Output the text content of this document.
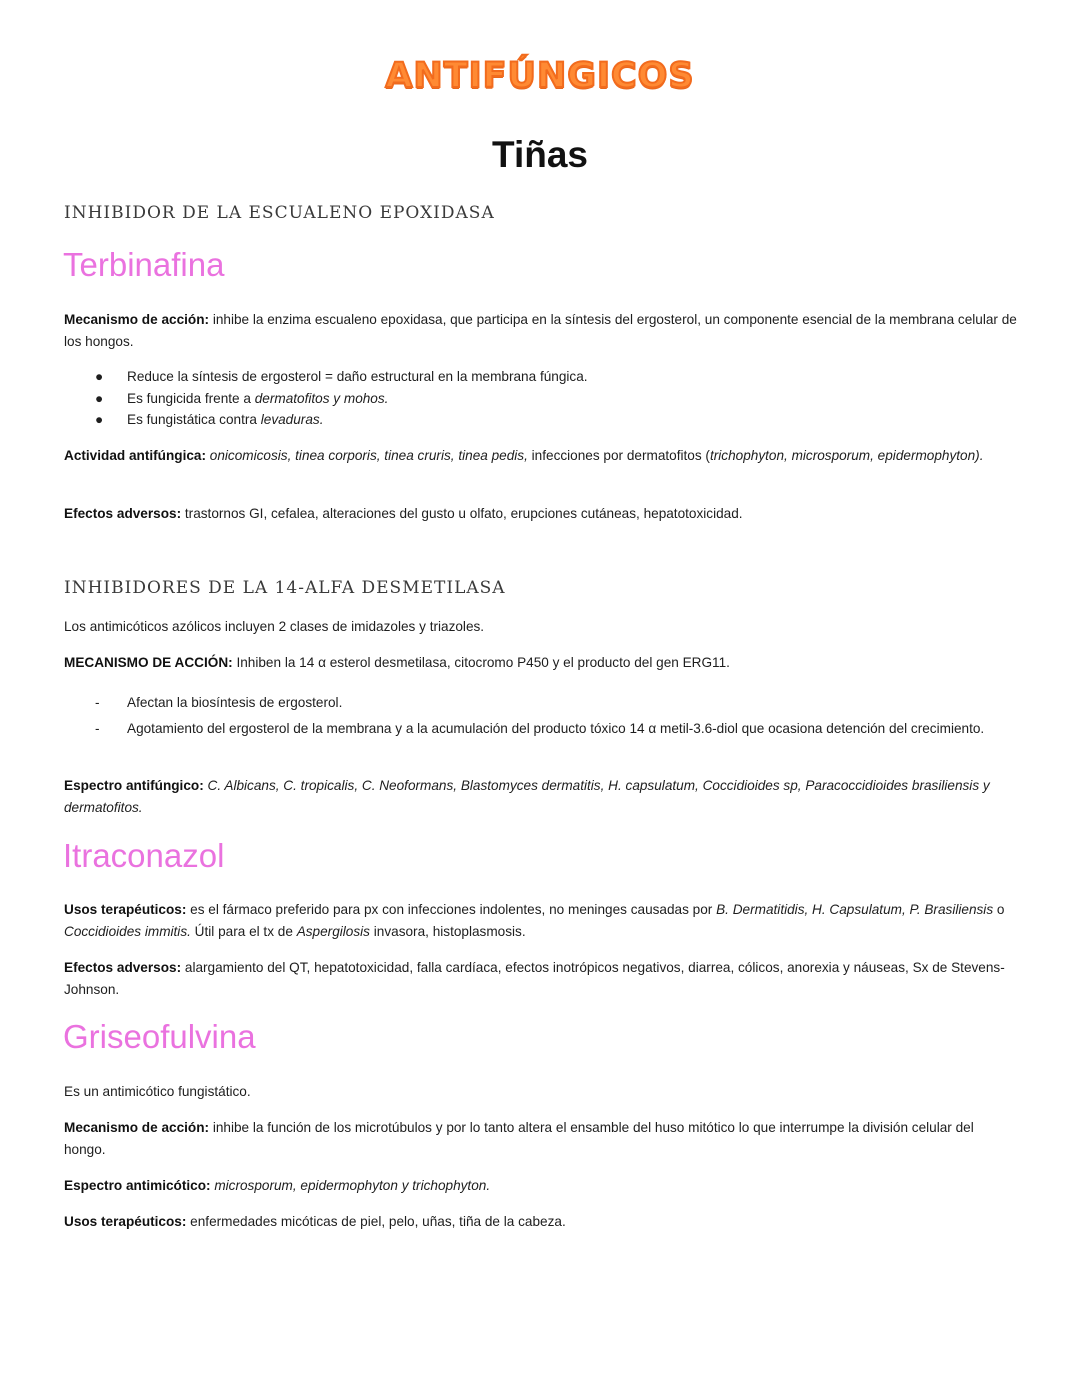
ANTIFÚNGICOS
Tiñas
INHIBIDOR DE LA ESCUALENO EPOXIDASA
Terbinafina

Mecanismo de acción: inhibe la enzima escualeno epoxidasa, que participa en la síntesis del ergosterol, un componente esencial de la membrana celular de los hongos.

● Reduce la síntesis de ergosterol = daño estructural en la membrana fúngica.
● Es fungicida frente a dermatofitos y mohos.
● Es fungistática contra levaduras.

Actividad antifúngica: onicomicosis, tinea corporis, tinea cruris, tinea pedis, infecciones por dermatofitos (trichophyton, microsporum, epidermophyton).

Efectos adversos: trastornos GI, cefalea, alteraciones del gusto u olfato, erupciones cutáneas, hepatotoxicidad.

INHIBIDORES DE LA 14-ALFA DESMETILASA

Los antimicóticos azólicos incluyen 2 clases de imidazoles y triazoles.

MECANISMO DE ACCIÓN: Inhiben la 14 α esterol desmetilasa, citocromo P450 y el producto del gen ERG11.

- Afectan la biosíntesis de ergosterol.
- Agotamiento del ergosterol de la membrana y a la acumulación del producto tóxico 14 α metil-3.6-diol que ocasiona detención del crecimiento.

Espectro antifúngico: C. Albicans, C. tropicalis, C. Neoformans, Blastomyces dermatitis, H. capsulatum, Coccidioides sp, Paracoccidioides brasiliensis y dermatofitos.

Itraconazol

Usos terapéuticos: es el fármaco preferido para px con infecciones indolentes, no meninges causadas por B. Dermatitidis, H. Capsulatum, P. Brasiliensis o Coccidioides immitis. Útil para el tx de Aspergilosis invasora, histoplasmosis.

Efectos adversos: alargamiento del QT, hepatotoxicidad, falla cardíaca, efectos inotrópicos negativos, diarrea, cólicos, anorexia y náuseas, Sx de Stevens-Johnson.

Griseofulvina

Es un antimicótico fungistático.

Mecanismo de acción: inhibe la función de los microtúbulos y por lo tanto altera el ensamble del huso mitótico lo que interrumpe la división celular del hongo.

Espectro antimicótico: microsporum, epidermophyton y trichophyton.

Usos terapéuticos: enfermedades micóticas de piel, pelo, uñas, tiña de la cabeza.
